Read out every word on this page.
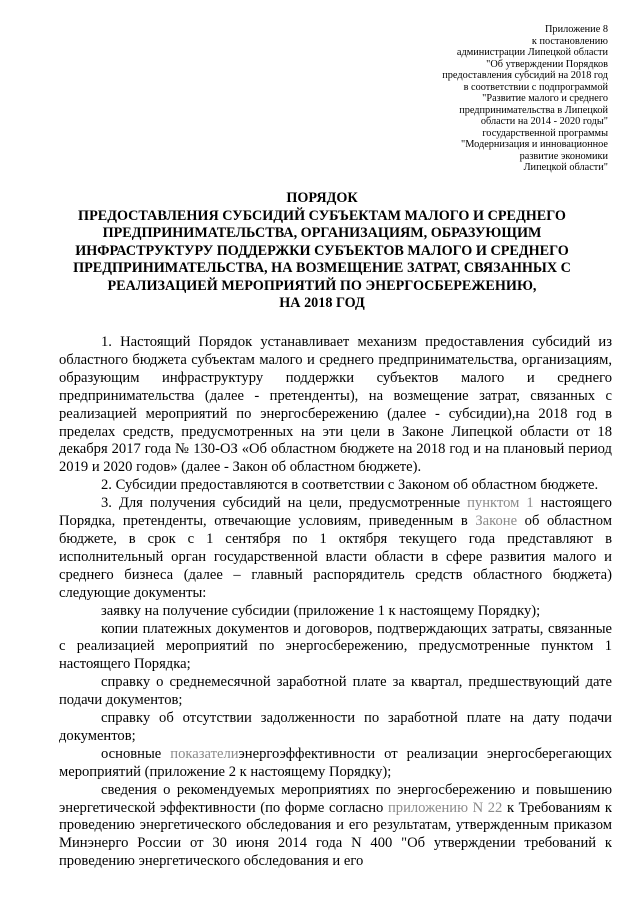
Приложение 8
к постановлению
администрации Липецкой области
"Об утверждении Порядков
предоставления субсидий на 2018 год
в соответствии с подпрограммой
"Развитие малого и среднего
предпринимательства в Липецкой
области на 2014 - 2020 годы"
государственной программы
"Модернизация и инновационное
развитие экономики
Липецкой области"
ПОРЯДОК
ПРЕДОСТАВЛЕНИЯ СУБСИДИЙ СУБЪЕКТАМ МАЛОГО И СРЕДНЕГО
ПРЕДПРИНИМАТЕЛЬСТВА, ОРГАНИЗАЦИЯМ, ОБРАЗУЮЩИМ
ИНФРАСТРУКТУРУ ПОДДЕРЖКИ СУБЪЕКТОВ МАЛОГО И СРЕДНЕГО
ПРЕДПРИНИМАТЕЛЬСТВА, НА ВОЗМЕЩЕНИЕ ЗАТРАТ, СВЯЗАННЫХ С
РЕАЛИЗАЦИЕЙ МЕРОПРИЯТИЙ ПО ЭНЕРГОСБЕРЕЖЕНИЮ,
НА 2018 ГОД

1. Настоящий Порядок устанавливает механизм предоставления субсидий из областного бюджета субъектам малого и среднего предпринимательства, организациям, образующим инфраструктуру поддержки субъектов малого и среднего предпринимательства (далее - претенденты), на возмещение затрат, связанных с реализацией мероприятий по энергосбережению (далее - субсидии),на 2018 год в пределах средств, предусмотренных на эти цели в Законе Липецкой области от 18 декабря 2017 года № 130-ОЗ «Об областном бюджете на 2018 год и на плановый период 2019 и 2020 годов» (далее - Закон об областном бюджете).

2. Субсидии предоставляются в соответствии с Законом об областном бюджете.

3. Для получения субсидий на цели, предусмотренные пунктом 1 настоящего Порядка, претенденты, отвечающие условиям, приведенным в Законе об областном бюджете, в срок с 1 сентября по 1 октября текущего года представляют в исполнительный орган государственной власти области в сфере развития малого и среднего бизнеса (далее – главный распорядитель средств областного бюджета) следующие документы:

заявку на получение субсидии (приложение 1 к настоящему Порядку);

копии платежных документов и договоров, подтверждающих затраты, связанные с реализацией мероприятий по энергосбережению, предусмотренные пунктом 1 настоящего Порядка;

справку о среднемесячной заработной плате за квартал, предшествующий дате подачи документов;

справку об отсутствии задолженности по заработной плате на дату подачи документов;

основные показателиэнергоэффективности от реализации энергосберегающих мероприятий (приложение 2 к настоящему Порядку);

сведения о рекомендуемых мероприятиях по энергосбережению и повышению энергетической эффективности (по форме согласно приложению N 22 к Требованиям к проведению энергетического обследования и его результатам, утвержденным приказом Минэнерго России от 30 июня 2014 года N 400 "Об утверждении требований к проведению энергетического обследования и его
